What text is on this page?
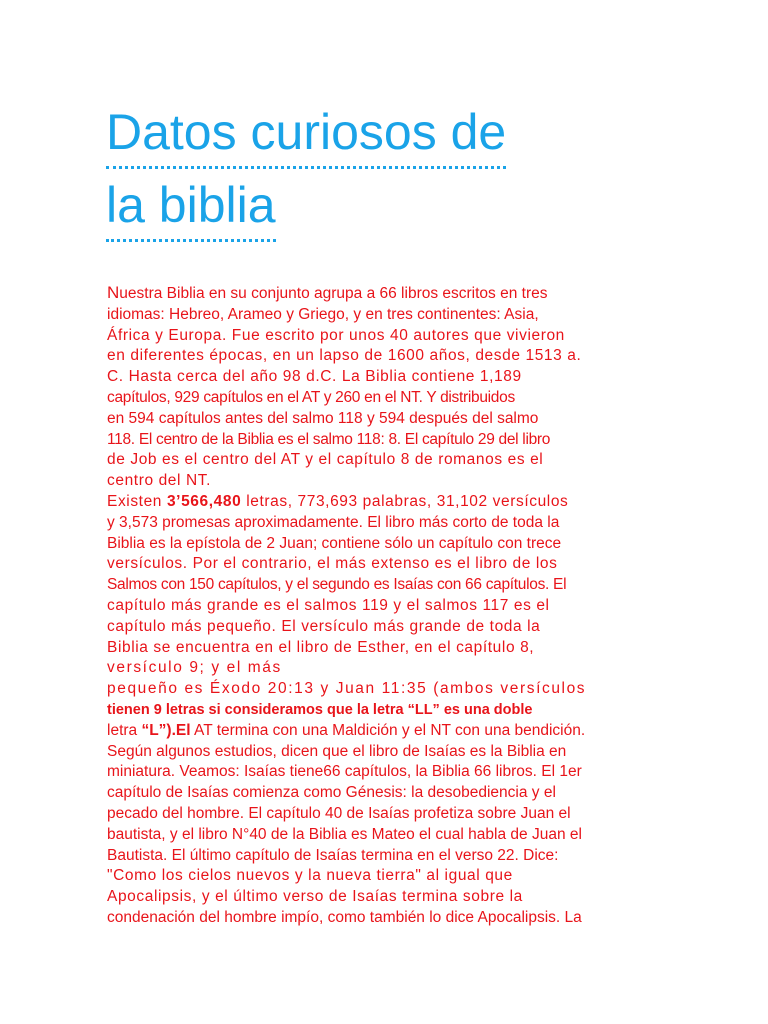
Datos curiosos de
la biblia
Nuestra Biblia en su conjunto agrupa a 66 libros escritos en tres
idiomas: Hebreo, Arameo y Griego, y en tres continentes: Asia,
África y Europa. Fue escrito por unos 40 autores que vivieron
en diferentes épocas, en un lapso de 1600 años, desde 1513 a.
C. Hasta cerca del año 98 d.C. La Biblia contiene 1,189
capítulos, 929 capítulos en el AT y 260 en el NT. Y distribuidos
en 594 capítulos antes del salmo 118 y 594 después del salmo
118. El centro de la Biblia es el salmo 118: 8. El capítulo 29 del libro
de Job es el centro del AT y el capítulo 8 de romanos es el
centro del NT.
Existen 3’566,480 letras, 773,693 palabras, 31,102 versículos
y 3,573 promesas aproximadamente. El libro más corto de toda la
Biblia es la epístola de 2 Juan; contiene sólo un capítulo con trece
versículos. Por el contrario, el más extenso es el libro de los
Salmos con 150 capítulos, y el segundo es Isaías con 66 capítulos. El
capítulo más grande es el salmos 119 y el salmos 117 es el
capítulo más pequeño. El versículo más grande de toda la
Biblia se encuentra en el libro de Esther, en el capítulo 8,
versículo 9; y el más
pequeño es Éxodo 20:13 y Juan 11:35 (ambos versículos
tienen 9 letras si consideramos que la letra “LL” es una doble
letra “L”).El AT termina con una Maldición y el NT con una bendición.
Según algunos estudios, dicen que el libro de Isaías es la Biblia en
miniatura. Veamos: Isaías tiene66 capítulos, la Biblia 66 libros. El 1er
capítulo de Isaías comienza como Génesis: la desobediencia y el
pecado del hombre. El capítulo 40 de Isaías profetiza sobre Juan el
bautista, y el libro N°40 de la Biblia es Mateo el cual habla de Juan el
Bautista. El último capítulo de Isaías termina en el verso 22. Dice:
"Como los cielos nuevos y la nueva tierra" al igual que
Apocalipsis, y el último verso de Isaías termina sobre la
condenación del hombre impío, como también lo dice Apocalipsis. La
